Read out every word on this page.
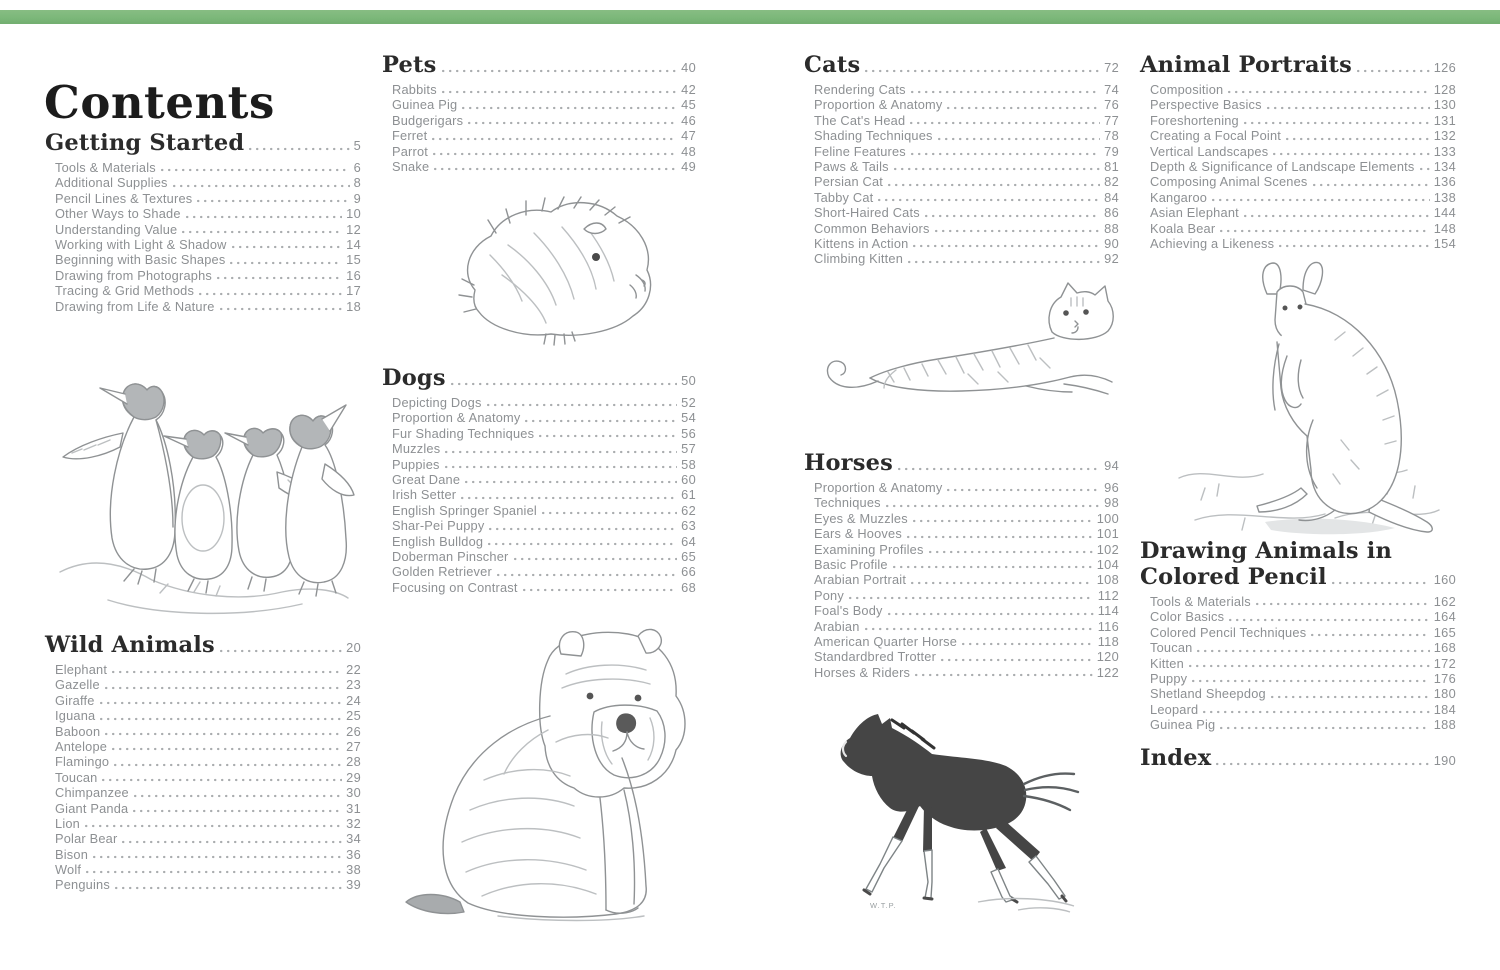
Contents
Getting Started	5
Tools & Materials	6
Additional Supplies	8
Pencil Lines & Textures	9
Other Ways to Shade	10
Understanding Value	12
Working with Light & Shadow	14
Beginning with Basic Shapes	15
Drawing from Photographs	16
Tracing & Grid Methods	17
Drawing from Life & Nature	18
Wild Animals	20
Elephant	22
Gazelle	23
Giraffe	24
Iguana	25
Baboon	26
Antelope	27
Flamingo	28
Toucan	29
Chimpanzee	30
Giant Panda	31
Lion	32
Polar Bear	34
Bison	36
Wolf	38
Penguins	39
Pets	40
Rabbits	42
Guinea Pig	45
Budgerigars	46
Ferret	47
Parrot	48
Snake	49
Dogs	50
Depicting Dogs	52
Proportion & Anatomy	54
Fur Shading Techniques	56
Muzzles	57
Puppies	58
Great Dane	60
Irish Setter	61
English Springer Spaniel	62
Shar-Pei Puppy	63
English Bulldog	64
Doberman Pinscher	65
Golden Retriever	66
Focusing on Contrast	68
Cats	72
Rendering Cats	74
Proportion & Anatomy	76
The Cat's Head	77
Shading Techniques	78
Feline Features	79
Paws & Tails	81
Persian Cat	82
Tabby Cat	84
Short-Haired Cats	86
Common Behaviors	88
Kittens in Action	90
Climbing Kitten	92
Horses	94
Proportion & Anatomy	96
Techniques	98
Eyes & Muzzles	100
Ears & Hooves	101
Examining Profiles	102
Basic Profile	104
Arabian Portrait	108
Pony	112
Foal's Body	114
Arabian	116
American Quarter Horse	118
Standardbred Trotter	120
Horses & Riders	122
Animal Portraits	126
Composition	128
Perspective Basics	130
Foreshortening	131
Creating a Focal Point	132
Vertical Landscapes	133
Depth & Significance of Landscape Elements 134
Composing Animal Scenes	136
Kangaroo	138
Asian Elephant	144
Koala Bear	148
Achieving a Likeness	154
Drawing Animals in
Colored Pencil	160
Tools & Materials	162
Color Basics	164
Colored Pencil Techniques	165
Toucan	168
Kitten	172
Puppy	176
Shetland Sheepdog	180
Leopard	184
Guinea Pig	188
Index	190
W.T.P.
